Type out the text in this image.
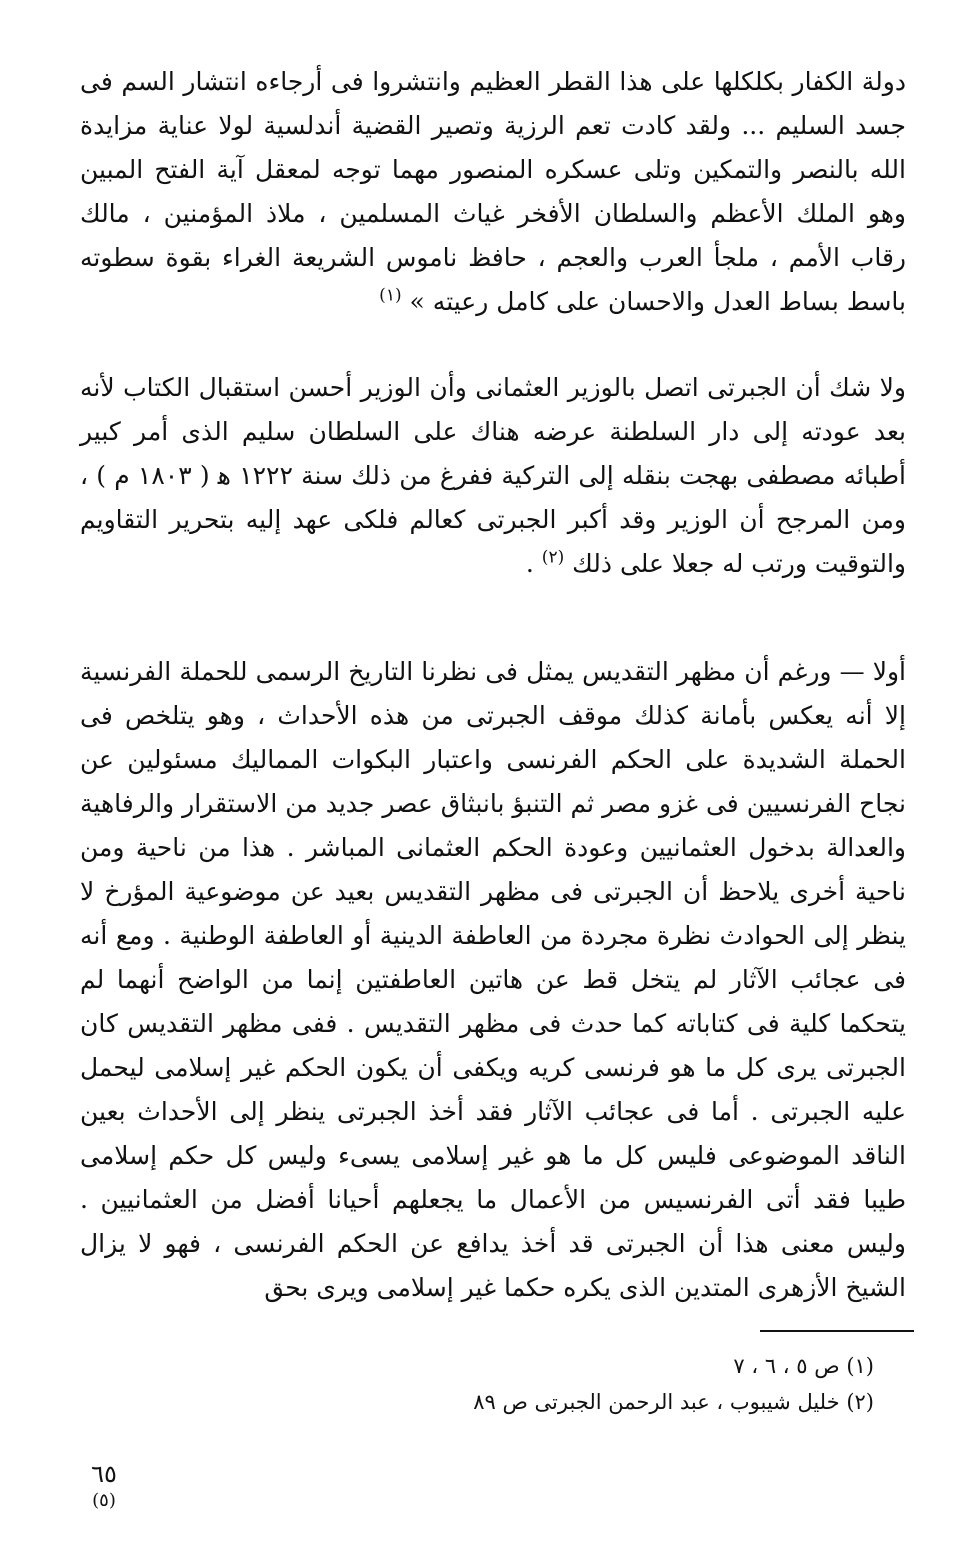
دولة الكفار بكلكلها على هذا القطر العظيم وانتشروا فى أرجاءه انتشار السم فى جسد السليم ... ولقد كادت تعم الرزية وتصير القضية أندلسية لولا عناية مزايدة الله بالنصر والتمكين وتلى عسكره المنصور مهما توجه لمعقل آية الفتح المبين وهو الملك الأعظم والسلطان الأفخر غياث المسلمين ، ملاذ المؤمنين ، مالك رقاب الأمم ، ملجأ العرب والعجم ، حافظ ناموس الشريعة الغراء بقوة سطوته باسط بساط العدل والاحسان على كامل رعيته » $^{(١)}$

ولا شك أن الجبرتى اتصل بالوزير العثمانى وأن الوزير أحسن استقبال الكتاب لأنه بعد عودته إلى دار السلطنة عرضه هناك على السلطان سليم الذى أمر كبير أطبائه مصطفى بهجت بنقله إلى التركية ففرغ من ذلك سنة ١٢٢٢ ﻫ ( ١٨٠٣ م ) ، ومن المرجح أن الوزير وقد أكبر الجبرتى كعالم فلكى عهد إليه بتحرير التقاويم والتوقيت ورتب له جعلا على ذلك $^{(٢)}$ .

أولا — ورغم أن مظهر التقديس يمثل فى نظرنا التاريخ الرسمى للحملة الفرنسية إلا أنه يعكس بأمانة كذلك موقف الجبرتى من هذه الأحداث ، وهو يتلخص فى الحملة الشديدة على الحكم الفرنسى واعتبار البكوات المماليك مسئولين عن نجاح الفرنسيين فى غزو مصر ثم التنبؤ بانبثاق عصر جديد من الاستقرار والرفاهية والعدالة بدخول العثمانيين وعودة الحكم العثمانى المباشر . هذا من ناحية ومن ناحية أخرى يلاحظ أن الجبرتى فى مظهر التقديس بعيد عن موضوعية المؤرخ لا ينظر إلى الحوادث نظرة مجردة من العاطفة الدينية أو العاطفة الوطنية . ومع أنه فى عجائب الآثار لم يتخل قط عن هاتين العاطفتين إنما من الواضح أنهما لم يتحكما كلية فى كتاباته كما حدث فى مظهر التقديس . ففى مظهر التقديس كان الجبرتى يرى كل ما هو فرنسى كريه ويكفى أن يكون الحكم غير إسلامى ليحمل عليه الجبرتى . أما فى عجائب الآثار فقد أخذ الجبرتى ينظر إلى الأحداث بعين الناقد الموضوعى فليس كل ما هو غير إسلامى يسىء وليس كل حكم إسلامى طيبا فقد أتى الفرنسيس من الأعمال ما يجعلهم أحيانا أفضل من العثمانيين . وليس معنى هذا أن الجبرتى قد أخذ يدافع عن الحكم الفرنسى ، فهو لا يزال الشيخ الأزهرى المتدين الذى يكره حكما غير إسلامى ويرى بحق

(١) ص ٥ ، ٦ ، ٧

(٢) خليل شيبوب ، عبد الرحمن الجبرتى ص ٨٩

٦٥
(٥)
